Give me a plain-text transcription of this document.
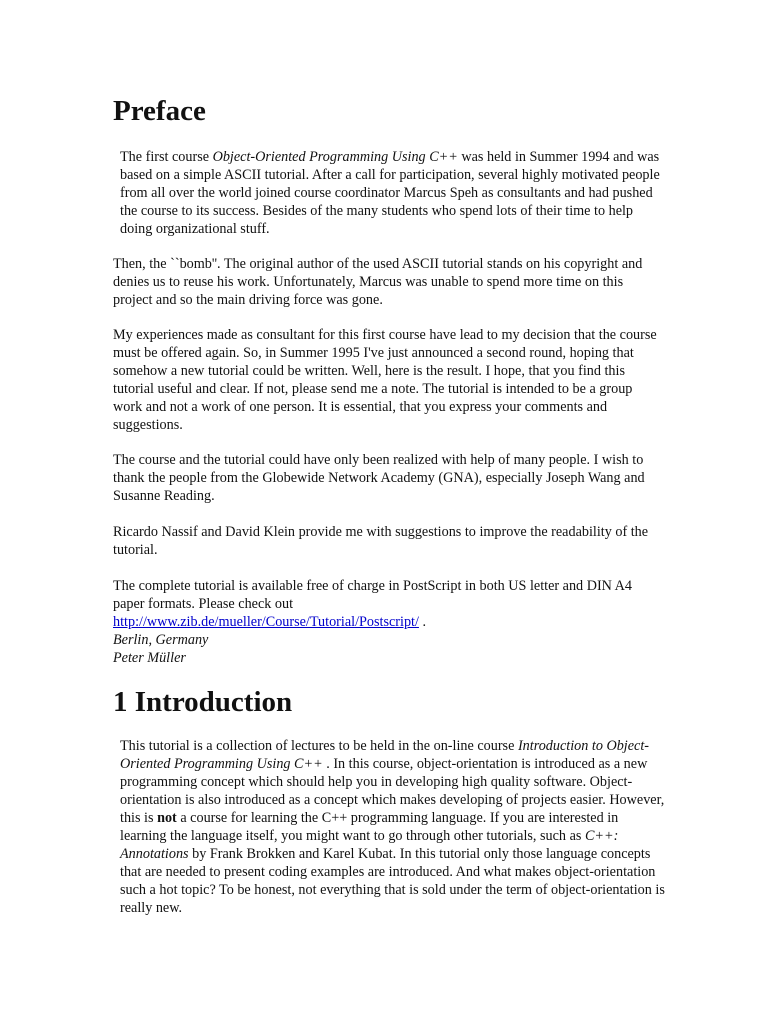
Preface

The first course Object-Oriented Programming Using C++ was held in Summer 1994 and was based on a simple ASCII tutorial. After a call for participation, several highly motivated people from all over the world joined course coordinator Marcus Speh as consultants and had pushed the course to its success. Besides of the many students who spend lots of their time to help doing organizational stuff.

Then, the ``bomb''. The original author of the used ASCII tutorial stands on his copyright and denies us to reuse his work. Unfortunately, Marcus was unable to spend more time on this project and so the main driving force was gone.

My experiences made as consultant for this first course have lead to my decision that the course must be offered again. So, in Summer 1995 I've just announced a second round, hoping that somehow a new tutorial could be written. Well, here is the result. I hope, that you find this tutorial useful and clear. If not, please send me a note. The tutorial is intended to be a group work and not a work of one person. It is essential, that you express your comments and suggestions.

The course and the tutorial could have only been realized with help of many people. I wish to thank the people from the Globewide Network Academy (GNA), especially Joseph Wang and Susanne Reading.

Ricardo Nassif and David Klein provide me with suggestions to improve the readability of the tutorial.

The complete tutorial is available free of charge in PostScript in both US letter and DIN A4 paper formats. Please check out
http://www.zib.de/mueller/Course/Tutorial/Postscript/ .
Berlin, Germany
Peter Müller
1 Introduction

This tutorial is a collection of lectures to be held in the on-line course Introduction to Object-Oriented Programming Using C++ . In this course, object-orientation is introduced as a new programming concept which should help you in developing high quality software. Object-orientation is also introduced as a concept which makes developing of projects easier. However, this is not a course for learning the C++ programming language. If you are interested in learning the language itself, you might want to go through other tutorials, such as C++: Annotations by Frank Brokken and Karel Kubat. In this tutorial only those language concepts that are needed to present coding examples are introduced. And what makes object-orientation such a hot topic? To be honest, not everything that is sold under the term of object-orientation is really new.
